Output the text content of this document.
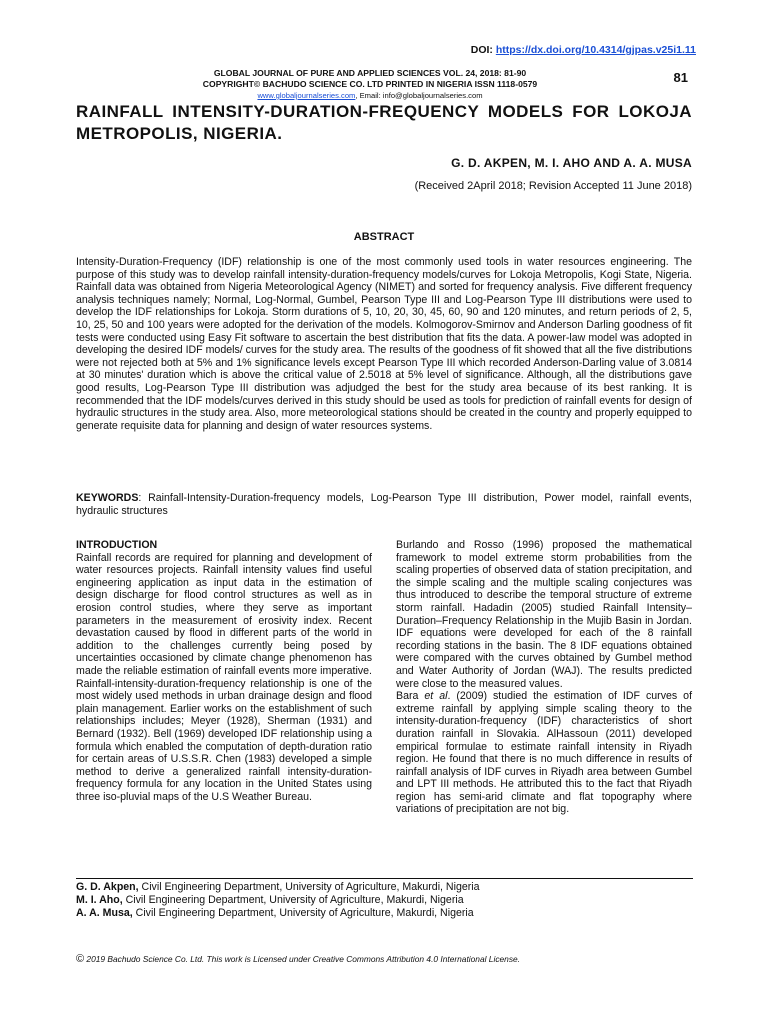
DOI: https://dx.doi.org/10.4314/gjpas.v25i1.11
GLOBAL JOURNAL OF PURE AND APPLIED SCIENCES VOL. 24, 2018: 81-90
COPYRIGHT© BACHUDO SCIENCE CO. LTD PRINTED IN NIGERIA ISSN 1118-0579
www.globaljournalseries.com, Email: info@globaljournalseries.com
81
RAINFALL INTENSITY-DURATION-FREQUENCY MODELS FOR LOKOJA METROPOLIS, NIGERIA.
G. D. AKPEN, M. I. AHO AND A. A. MUSA
(Received 2April 2018; Revision Accepted 11 June 2018)
ABSTRACT

Intensity-Duration-Frequency (IDF) relationship is one of the most commonly used tools in water resources engineering. The purpose of this study was to develop rainfall intensity-duration-frequency models/curves for Lokoja Metropolis, Kogi State, Nigeria. Rainfall data was obtained from Nigeria Meteorological Agency (NIMET) and sorted for frequency analysis. Five different frequency analysis techniques namely; Normal, Log-Normal, Gumbel, Pearson Type III and Log-Pearson Type III distributions were used to develop the IDF relationships for Lokoja. Storm durations of 5, 10, 20, 30, 45, 60, 90 and 120 minutes, and return periods of 2, 5, 10, 25, 50 and 100 years were adopted for the derivation of the models. Kolmogorov-Smirnov and Anderson Darling goodness of fit tests were conducted using Easy Fit software to ascertain the best distribution that fits the data. A power-law model was adopted in developing the desired IDF models/ curves for the study area. The results of the goodness of fit showed that all the five distributions were not rejected both at 5% and 1% significance levels except Pearson Type III which recorded Anderson-Darling value of 3.0814 at 30 minutes' duration which is above the critical value of 2.5018 at 5% level of significance. Although, all the distributions gave good results, Log-Pearson Type III distribution was adjudged the best for the study area because of its best ranking. It is recommended that the IDF models/curves derived in this study should be used as tools for prediction of rainfall events for design of hydraulic structures in the study area. Also, more meteorological stations should be created in the country and properly equipped to generate requisite data for planning and design of water resources systems.

KEYWORDS: Rainfall-Intensity-Duration-frequency models, Log-Pearson Type III distribution, Power model, rainfall events, hydraulic structures

INTRODUCTION

Rainfall records are required for planning and development of water resources projects. Rainfall intensity values find useful engineering application as input data in the estimation of design discharge for flood control structures as well as in erosion control studies, where they serve as important parameters in the measurement of erosivity index. Recent devastation caused by flood in different parts of the world in addition to the challenges currently being posed by uncertainties occasioned by climate change phenomenon has made the reliable estimation of rainfall events more imperative. Rainfall-intensity-duration-frequency relationship is one of the most widely used methods in urban drainage design and flood plain management. Earlier works on the establishment of such relationships includes; Meyer (1928), Sherman (1931) and Bernard (1932). Bell (1969) developed IDF relationship using a formula which enabled the computation of depth-duration ratio for certain areas of U.S.S.R. Chen (1983) developed a simple method to derive a generalized rainfall intensity-duration-frequency formula for any location in the United States using three iso-pluvial maps of the U.S Weather Bureau.

Burlando and Rosso (1996) proposed the mathematical framework to model extreme storm probabilities from the scaling properties of observed data of station precipitation, and the simple scaling and the multiple scaling conjectures was thus introduced to describe the temporal structure of extreme storm rainfall. Hadadin (2005) studied Rainfall Intensity–Duration–Frequency Relationship in the Mujib Basin in Jordan. IDF equations were developed for each of the 8 rainfall recording stations in the basin. The 8 IDF equations obtained were compared with the curves obtained by Gumbel method and Water Authority of Jordan (WAJ). The results predicted were close to the measured values.

Bara et al. (2009) studied the estimation of IDF curves of extreme rainfall by applying simple scaling theory to the intensity-duration-frequency (IDF) characteristics of short duration rainfall in Slovakia. AlHassoun (2011) developed empirical formulae to estimate rainfall intensity in Riyadh region. He found that there is no much difference in results of rainfall analysis of IDF curves in Riyadh area between Gumbel and LPT III methods. He attributed this to the fact that Riyadh region has semi-arid climate and flat topography where variations of precipitation are not big.

G. D. Akpen, Civil Engineering Department, University of Agriculture, Makurdi, Nigeria
M. I. Aho, Civil Engineering Department, University of Agriculture, Makurdi, Nigeria
A. A. Musa, Civil Engineering Department, University of Agriculture, Makurdi, Nigeria
© 2019 Bachudo Science Co. Ltd. This work is Licensed under Creative Commons Attribution 4.0 International License.
